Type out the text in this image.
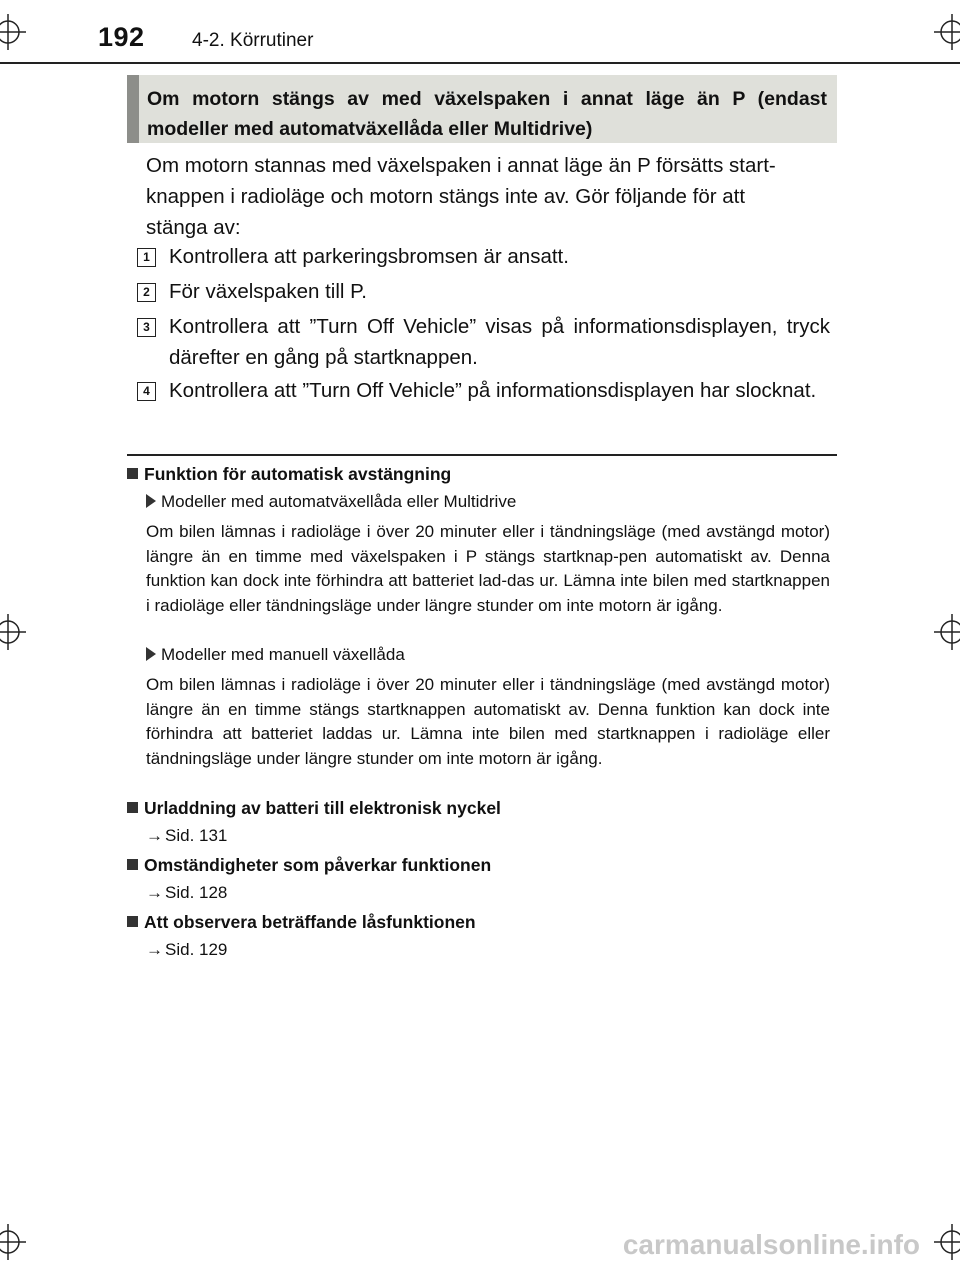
192 4-2. Körrutiner
Om motorn stängs av med växelspaken i annat läge än P (endast modeller med automatväxellåda eller Multidrive)
Om motorn stannas med växelspaken i annat läge än P försätts start-
knappen i radioläge och motorn stängs inte av. Gör följande för att
stänga av:
1 Kontrollera att parkeringsbromsen är ansatt.
2 För växelspaken till P.
3 Kontrollera att ”Turn Off Vehicle” visas på informationsdisplayen, tryck därefter en gång på startknappen.
4 Kontrollera att ”Turn Off Vehicle” på informationsdisplayen har slocknat.
Funktion för automatisk avstängning
Modeller med automatväxellåda eller Multidrive
Om bilen lämnas i radioläge i över 20 minuter eller i tändningsläge (med avstängd motor) längre än en timme med växelspaken i P stängs startknap-pen automatiskt av. Denna funktion kan dock inte förhindra att batteriet lad-das ur. Lämna inte bilen med startknappen i radioläge eller tändningsläge under längre stunder om inte motorn är igång.
Modeller med manuell växellåda
Om bilen lämnas i radioläge i över 20 minuter eller i tändningsläge (med avstängd motor) längre än en timme stängs startknappen automatiskt av. Denna funktion kan dock inte förhindra att batteriet laddas ur. Lämna inte bilen med startknappen i radioläge eller tändningsläge under längre stunder om inte motorn är igång.
Urladdning av batteri till elektronisk nyckel
→ Sid. 131
Omständigheter som påverkar funktionen
→ Sid. 128
Att observera beträffande låsfunktionen
→ Sid. 129
carmanualsonline.info
